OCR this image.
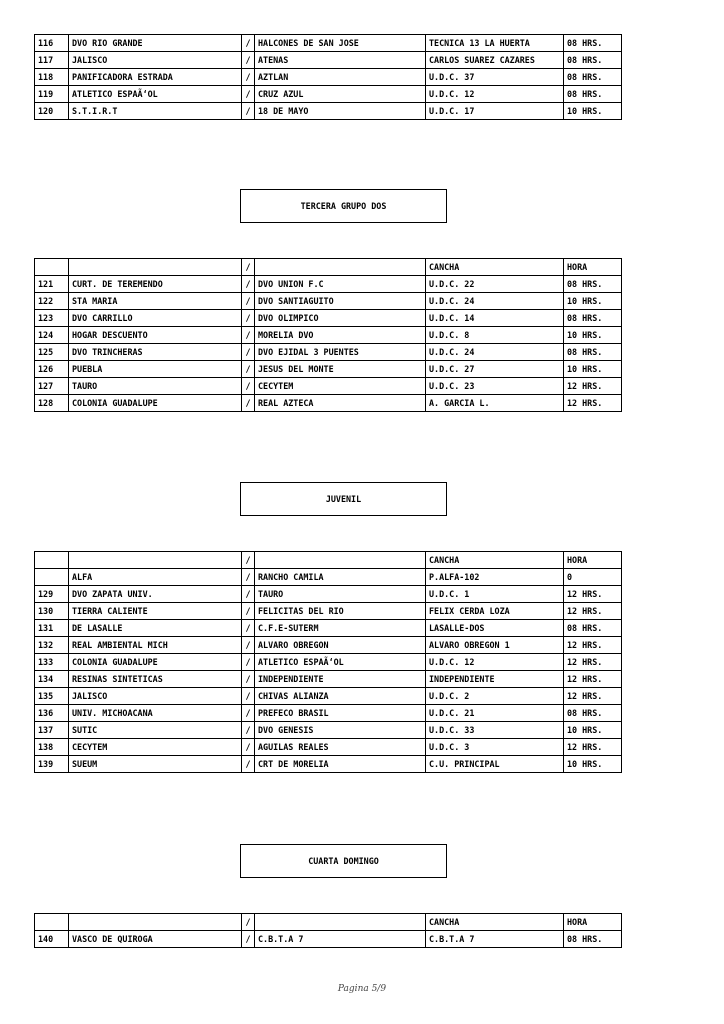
116	DVO RIO GRANDE	/	HALCONES DE SAN JOSE	TECNICA 13 LA HUERTA	08 HRS.
117	JALISCO	/	ATENAS	CARLOS SUAREZ CAZARES	08 HRS.
118	PANIFICADORA ESTRADA	/	AZTLAN	U.D.C. 37	08 HRS.
119	ATLETICO ESPAÃ‘OL	/	CRUZ AZUL	U.D.C. 12	08 HRS.
120	S.T.I.R.T	/	18 DE MAYO	U.D.C. 17	10 HRS.
TERCERA GRUPO DOS
		/		CANCHA	HORA
121	CURT. DE TEREMENDO	/	DVO UNION F.C	U.D.C. 22	08 HRS.
122	STA MARIA	/	DVO SANTIAGUITO	U.D.C. 24	10 HRS.
123	DVO CARRILLO	/	DVO OLIMPICO	U.D.C. 14	08 HRS.
124	HOGAR DESCUENTO	/	MORELIA DVO	U.D.C. 8	10 HRS.
125	DVO TRINCHERAS	/	DVO EJIDAL 3 PUENTES	U.D.C. 24	08 HRS.
126	PUEBLA	/	JESUS DEL MONTE	U.D.C. 27	10 HRS.
127	TAURO	/	CECYTEM	U.D.C. 23	12 HRS.
128	COLONIA GUADALUPE	/	REAL AZTECA	A. GARCIA L.	12 HRS.
JUVENIL
		/		CANCHA	HORA
	ALFA	/	RANCHO CAMILA	P.ALFA-102	0
129	DVO ZAPATA UNIV.	/	TAURO	U.D.C. 1	12 HRS.
130	TIERRA CALIENTE	/	FELICITAS DEL RIO	FELIX CERDA LOZA	12 HRS.
131	DE LASALLE	/	C.F.E-SUTERM	LASALLE-DOS	08 HRS.
132	REAL AMBIENTAL MICH	/	ALVARO OBREGON	ALVARO OBREGON 1	12 HRS.
133	COLONIA GUADALUPE	/	ATLETICO ESPAÃ‘OL	U.D.C. 12	12 HRS.
134	RESINAS SINTETICAS	/	INDEPENDIENTE	INDEPENDIENTE	12 HRS.
135	JALISCO	/	CHIVAS ALIANZA	U.D.C. 2	12 HRS.
136	UNIV. MICHOACANA	/	PREFECO BRASIL	U.D.C. 21	08 HRS.
137	SUTIC	/	DVO GENESIS	U.D.C. 33	10 HRS.
138	CECYTEM	/	AGUILAS REALES	U.D.C. 3	12 HRS.
139	SUEUM	/	CRT DE MORELIA	C.U. PRINCIPAL	10 HRS.
CUARTA DOMINGO
		/		CANCHA	HORA
140	VASCO DE QUIROGA	/	C.B.T.A 7	C.B.T.A 7	08 HRS.
Pagina 5/9
